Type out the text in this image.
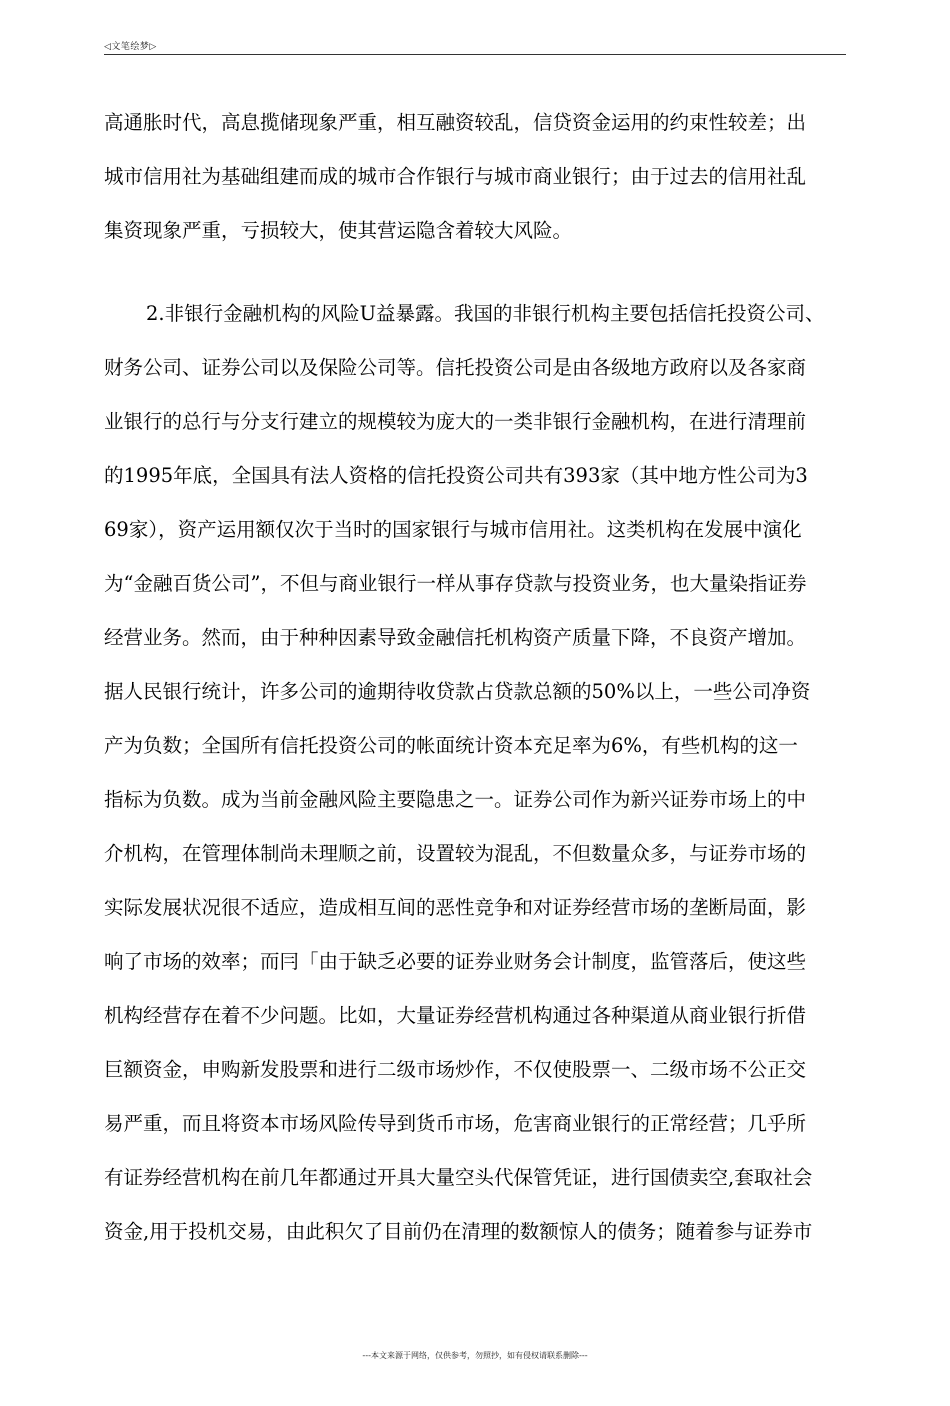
◁文笔绘梦▷
高通胀时代，高息揽储现象严重，相互融资较乱，信贷资金运用的约束性较差；出
城市信用社为基础组建而成的城市合作银行与城市商业银行；由于过去的信用社乱
集资现象严重，亏损较大，使其营运隐含着较大风险。
2.非银行金融机构的风险U益暴露。我国的非银行机构主要包括信托投资公司、
财务公司、证券公司以及保险公司等。信托投资公司是由各级地方政府以及各家商
业银行的总行与分支行建立的规模较为庞大的一类非银行金融机构，在进行清理前
的1995年底，全国具有法人资格的信托投资公司共有393家（其中地方性公司为3
69家），资产运用额仅次于当时的国家银行与城市信用社。这类机构在发展中演化
为“金融百货公司”，不但与商业银行一样从事存贷款与投资业务，也大量染指证券
经营业务。然而，由于种种因素导致金融信托机构资产质量下降，不良资产增加。
据人民银行统计，许多公司的逾期待收贷款占贷款总额的50%以上，一些公司净资
产为负数；全国所有信托投资公司的帐面统计资本充足率为6%，有些机构的这一
指标为负数。成为当前金融风险主要隐患之一。证券公司作为新兴证券市场上的中
介机构，在管理体制尚未理顺之前，设置较为混乱，不但数量众多，与证券市场的
实际发展状况很不适应，造成相互间的恶性竞争和对证券经营市场的垄断局面，影
响了市场的效率；而冃「由于缺乏必要的证券业财务会计制度，监管落后，使这些
机构经营存在着不少问题。比如，大量证券经营机构通过各种渠道从商业银行折借
巨额资金，申购新发股票和进行二级市场炒作，不仅使股票一、二级市场不公正交
易严重，而且将资本市场风险传导到货币市场，危害商业银行的正常经营；几乎所
有证券经营机构在前几年都通过开具大量空头代保管凭证，进行国债卖空,套取社会
资金,用于投机交易，由此积欠了目前仍在清理的数额惊人的债务；随着参与证券市
---本文来源于网络，仅供参考，勿照抄，如有侵权请联系删除---
